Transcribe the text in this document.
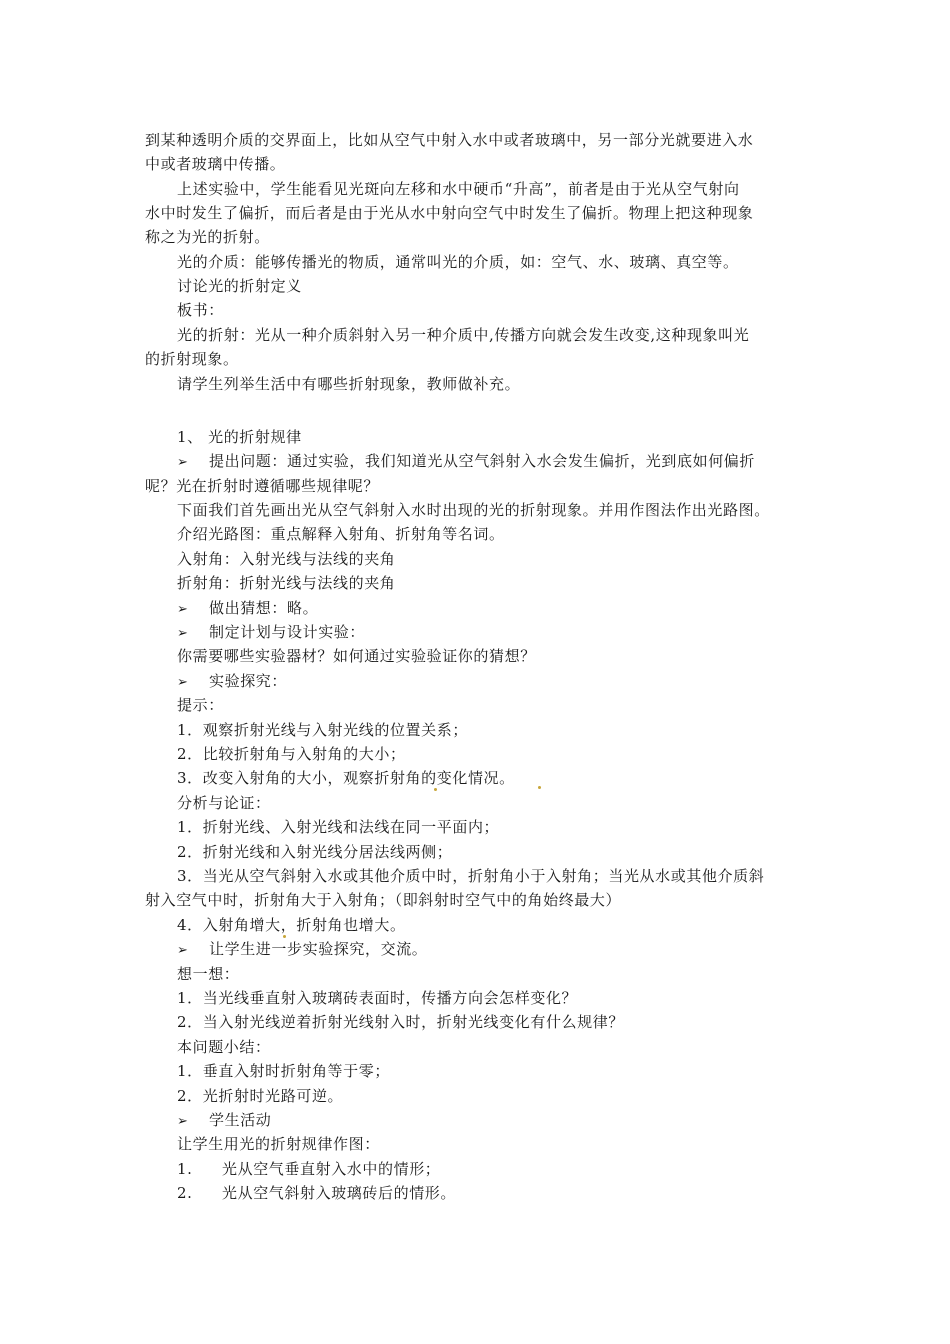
到某种透明介质的交界面上，比如从空气中射入水中或者玻璃中，另一部分光就要进入水
中或者玻璃中传播。
上述实验中，学生能看见光斑向左移和水中硬币“升高”，前者是由于光从空气射向
水中时发生了偏折，而后者是由于光从水中射向空气中时发生了偏折。物理上把这种现象
称之为光的折射。
光的介质：能够传播光的物质，通常叫光的介质，如：空气、水、玻璃、真空等。
讨论光的折射定义
板书：
光的折射：光从一种介质斜射入另一种介质中,传播方向就会发生改变,这种现象叫光
的折射现象。
请学生列举生活中有哪些折射现象，教师做补充。
1、 光的折射规律
➢ 提出问题：通过实验，我们知道光从空气斜射入水会发生偏折，光到底如何偏折
呢？光在折射时遵循哪些规律呢？
下面我们首先画出光从空气斜射入水时出现的光的折射现象。并用作图法作出光路图。
介绍光路图：重点解释入射角、折射角等名词。
入射角：入射光线与法线的夹角
折射角：折射光线与法线的夹角
➢ 做出猜想：略。
➢ 制定计划与设计实验：
你需要哪些实验器材？如何通过实验验证你的猜想？
➢ 实验探究：
提示：
1．观察折射光线与入射光线的位置关系；
2．比较折射角与入射角的大小；
3．改变入射角的大小，观察折射角的变化情况。
分析与论证：
1．折射光线、入射光线和法线在同一平面内；
2．折射光线和入射光线分居法线两侧；
3．当光从空气斜射入水或其他介质中时，折射角小于入射角；当光从水或其他介质斜
射入空气中时，折射角大于入射角；（即斜射时空气中的角始终最大）
4．入射角增大，折射角也增大。
➢ 让学生进一步实验探究，交流。
想一想：
1．当光线垂直射入玻璃砖表面时，传播方向会怎样变化？
2．当入射光线逆着折射光线射入时，折射光线变化有什么规律？
本问题小结：
1．垂直入射时折射角等于零；
2．光折射时光路可逆。
➢ 学生活动
让学生用光的折射规律作图：
1. 光从空气垂直射入水中的情形；
2. 光从空气斜射入玻璃砖后的情形。
